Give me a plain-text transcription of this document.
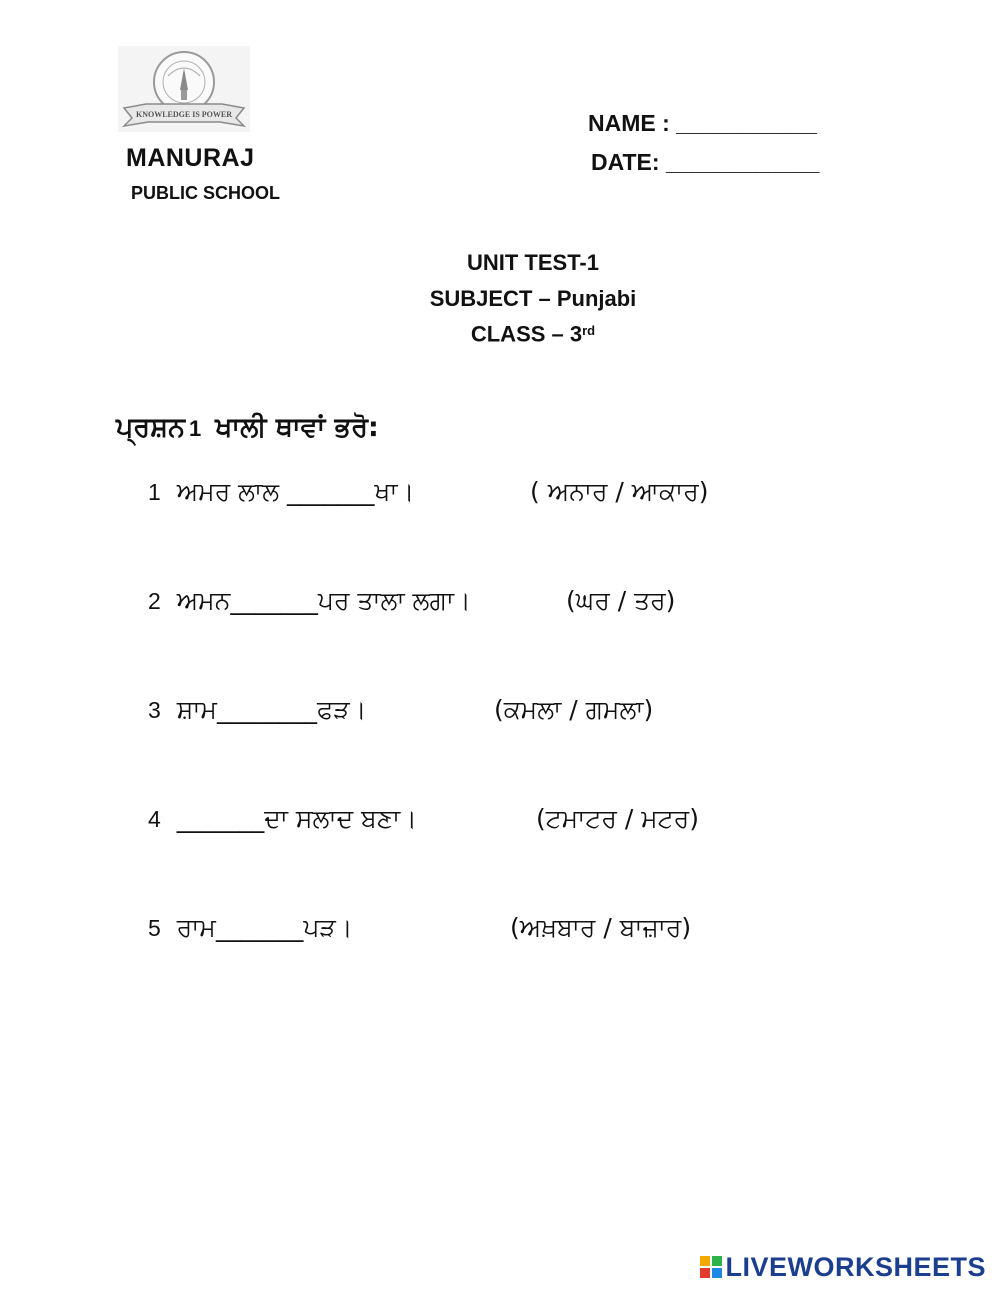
KNOWLEDGE IS POWER
MANURAJ
PUBLIC SCHOOL
NAME : ___________
DATE: ____________
UNIT TEST-1
SUBJECT – Punjabi
CLASS – 3rd
ਪ੍ਰਸ਼ਨ 1 ਖਾਲੀ ਥਾਵਾਂ ਭਰੋ:
1 ਅਮਰ ਲਾਲ _______ਖਾ।	( ਅਨਾਰ / ਆਕਾਰ)
2 ਅਮਨ_______ਪਰ ਤਾਲਾ ਲਗਾ।	(ਘਰ / ਤਰ)
3 ਸ਼ਾਮ________ਫੜ।	(ਕਮਲਾ / ਗਮਲਾ)
4 _______ਦਾ ਸਲਾਦ ਬਣਾ।	(ਟਮਾਟਰ / ਮਟਰ)
5 ਰਾਮ_______ਪੜ।	(ਅਖ਼ਬਾਰ / ਬਾਜ਼ਾਰ)
LIVEWORKSHEETS
